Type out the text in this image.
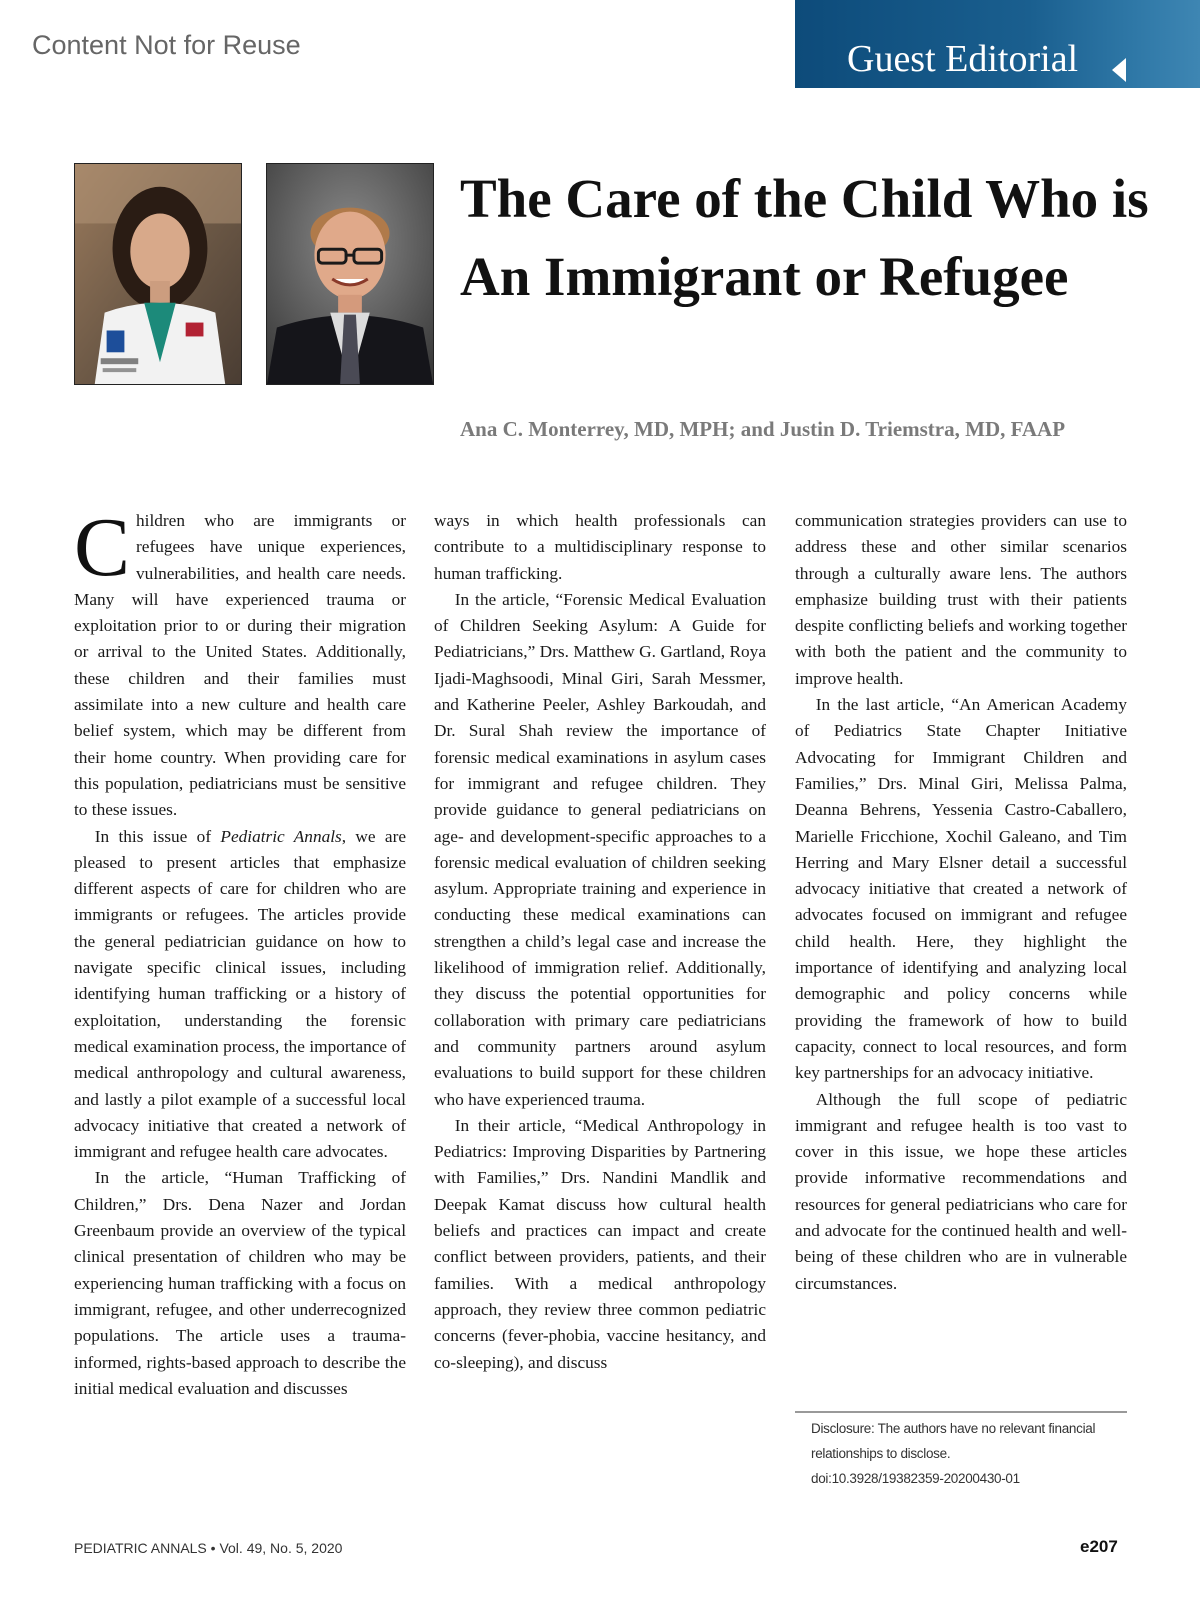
Content Not for Reuse	Guest Editorial
The Care of the Child Who is An Immigrant or Refugee
Ana C. Monterrey, MD, MPH; and Justin D. Triemstra, MD, FAAP

Children who are immigrants or refugees have unique experiences, vulnerabilities, and health care needs. Many will have experienced trauma or exploitation prior to or during their migration or arrival to the United States. Additionally, these children and their families must assimilate into a new culture and health care belief system, which may be different from their home country. When providing care for this population, pediatricians must be sensitive to these issues.

In this issue of Pediatric Annals, we are pleased to present articles that emphasize different aspects of care for children who are immigrants or refugees. The articles provide the general pediatrician guidance on how to navigate specific clinical issues, including identifying human trafficking or a history of exploitation, understanding the forensic medical examination process, the importance of medical anthropology and cultural awareness, and lastly a pilot example of a successful local advocacy initiative that created a network of immigrant and refugee health care advocates.

In the article, “Human Trafficking of Children,” Drs. Dena Nazer and Jordan Greenbaum provide an overview of the typical clinical presentation of children who may be experiencing human trafficking with a focus on immigrant, refugee, and other underrecognized populations. The article uses a trauma-informed, rights-based approach to describe the initial medical evaluation and discusses

ways in which health professionals can contribute to a multidisciplinary response to human trafficking.

In the article, “Forensic Medical Evaluation of Children Seeking Asylum: A Guide for Pediatricians,” Drs. Matthew G. Gartland, Roya Ijadi-Maghsoodi, Minal Giri, Sarah Messmer, and Katherine Peeler, Ashley Barkoudah, and Dr. Sural Shah review the importance of forensic medical examinations in asylum cases for immigrant and refugee children. They provide guidance to general pediatricians on age- and development-specific approaches to a forensic medical evaluation of children seeking asylum. Appropriate training and experience in conducting these medical examinations can strengthen a child’s legal case and increase the likelihood of immigration relief. Additionally, they discuss the potential opportunities for collaboration with primary care pediatricians and community partners around asylum evaluations to build support for these children who have experienced trauma.

In their article, “Medical Anthropology in Pediatrics: Improving Disparities by Partnering with Families,” Drs. Nandini Mandlik and Deepak Kamat discuss how cultural health beliefs and practices can impact and create conflict between providers, patients, and their families. With a medical anthropology approach, they review three common pediatric concerns (fever-phobia, vaccine hesitancy, and co-sleeping), and discuss

communication strategies providers can use to address these and other similar scenarios through a culturally aware lens. The authors emphasize building trust with their patients despite conflicting beliefs and working together with both the patient and the community to improve health.

In the last article, “An American Academy of Pediatrics State Chapter Initiative Advocating for Immigrant Children and Families,” Drs. Minal Giri, Melissa Palma, Deanna Behrens, Yessenia Castro-Caballero, Marielle Fricchione, Xochil Galeano, and Tim Herring and Mary Elsner detail a successful advocacy initiative that created a network of advocates focused on immigrant and refugee child health. Here, they highlight the importance of identifying and analyzing local demographic and policy concerns while providing the framework of how to build capacity, connect to local resources, and form key partnerships for an advocacy initiative.

Although the full scope of pediatric immigrant and refugee health is too vast to cover in this issue, we hope these articles provide informative recommendations and resources for general pediatricians who care for and advocate for the continued health and well-being of these children who are in vulnerable circumstances.

Disclosure: The authors have no relevant financial relationships to disclose.
doi:10.3928/19382359-20200430-01
PEDIATRIC ANNALS • Vol. 49, No. 5, 2020	e207
